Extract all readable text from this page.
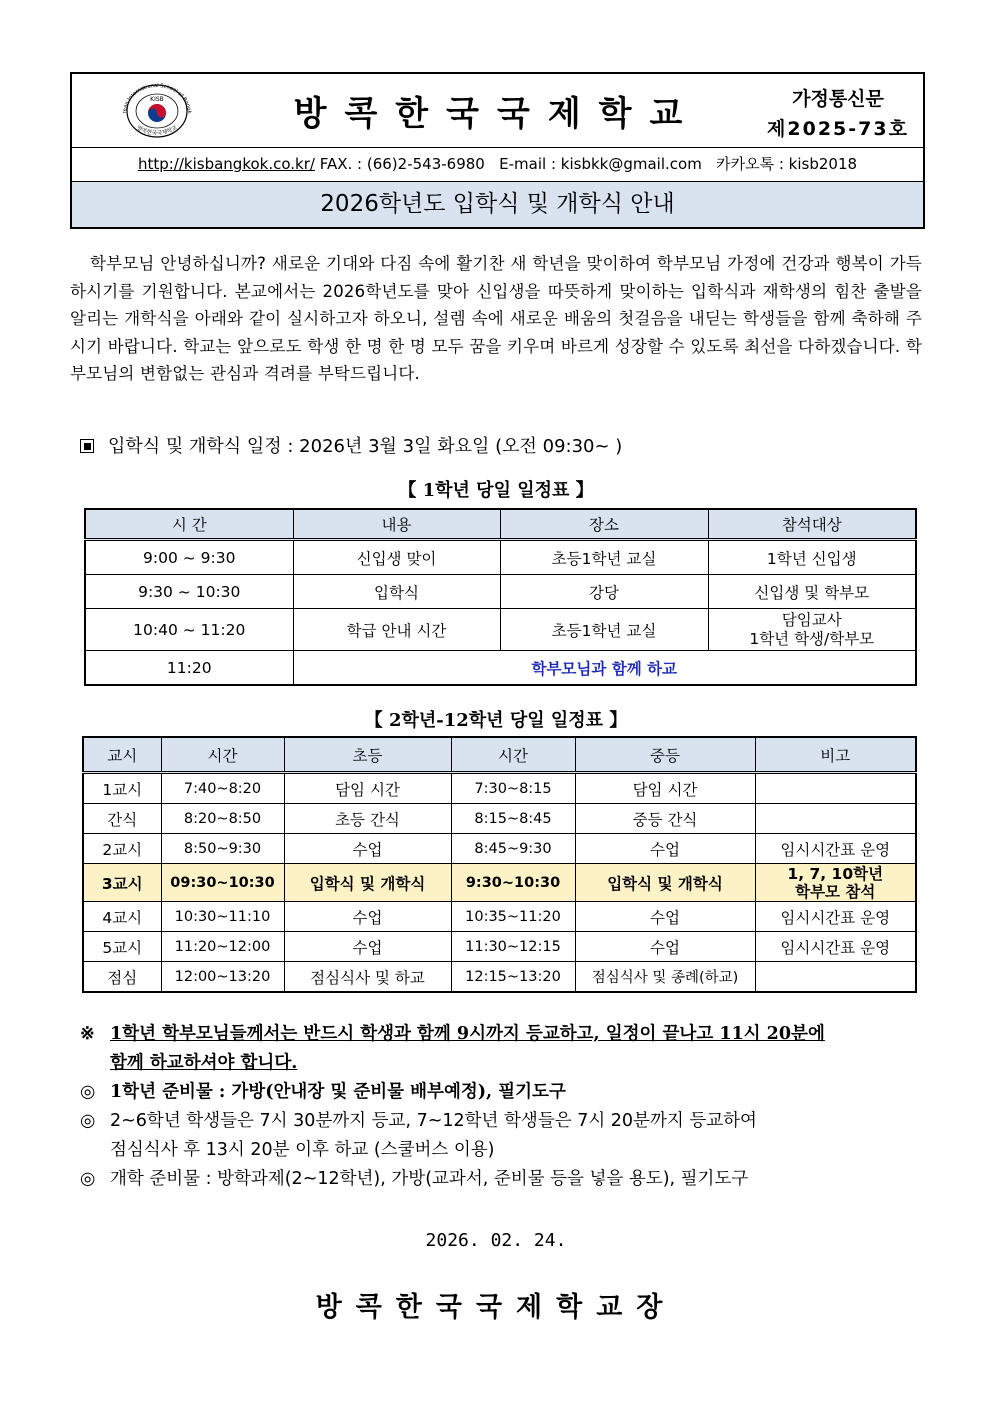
rean International School of Bangk
방콕한국국제학교
KISB	방콕한국국제학교	가정통신문
제2025-73호
http://kisbangkok.co.kr/ FAX. : (66)2-543-6980 E-mail : kisbkk@gmail.com 카카오톡 : kisb2018
2026학년도 입학식 및 개학식 안내
학부모님 안녕하십니까? 새로운 기대와 다짐 속에 활기찬 새 학년을 맞이하여 학부모님 가정에 건강과 행복이 가득하시기를 기원합니다. 본교에서는 2026학년도를 맞아 신입생을 따뜻하게 맞이하는 입학식과 재학생의 힘찬 출발을 알리는 개학식을 아래와 같이 실시하고자 하오니, 설렘 속에 새로운 배움의 첫걸음을 내딛는 학생들을 함께 축하해 주시기 바랍니다. 학교는 앞으로도 학생 한 명 한 명 모두 꿈을 키우며 바르게 성장할 수 있도록 최선을 다하겠습니다. 학부모님의 변함없는 관심과 격려를 부탁드립니다.
입학식 및 개학식 일정 : 2026년 3월 3일 화요일 (오전 09:30~ )
【 1학년 당일 일정표 】
시 간	내용	장소	참석대상
9:00 ~ 9:30	신입생 맞이	초등1학년 교실	1학년 신입생
9:30 ~ 10:30	입학식	강당	신입생 및 학부모
10:40 ~ 11:20	학급 안내 시간	초등1학년 교실	담임교사
1학년 학생/학부모

11:20	학부모님과 함께 하교		
【 2학년-12학년 당일 일정표 】
교시	시간	초등	시간	중등	비고
1교시	7:40~8:20	담임 시간	7:30~8:15	담임 시간	
간식	8:20~8:50	초등 간식	8:15~8:45	중등 간식	
2교시	8:50~9:30	수업	8:45~9:30	수업	임시시간표 운영
3교시	09:30~10:30	입학식 및 개학식	9:30~10:30	입학식 및 개학식	1, 7, 10학년
학부모 참석

4교시	10:30~11:10	수업	10:35~11:20	수업	임시시간표 운영
5교시	11:20~12:00	수업	11:30~12:15	수업	임시시간표 운영
점심	12:00~13:20	점심식사 및 하교	12:15~13:20	점심식사 및 종례(하교)	
※ 1학년 학부모님들께서는 반드시 학생과 함께 9시까지 등교하고, 일정이 끝나고 11시 20분에
함께 하교하셔야 합니다.
◎ 1학년 준비물 : 가방(안내장 및 준비물 배부예정), 필기도구
◎ 2~6학년 학생들은 7시 30분까지 등교, 7~12학년 학생들은 7시 20분까지 등교하여
점심식사 후 13시 20분 이후 하교 (스쿨버스 이용)
◎ 개학 준비물 : 방학과제(2~12학년), 가방(교과서, 준비물 등을 넣을 용도), 필기도구
2026. 02. 24.
방콕한국국제학교장
